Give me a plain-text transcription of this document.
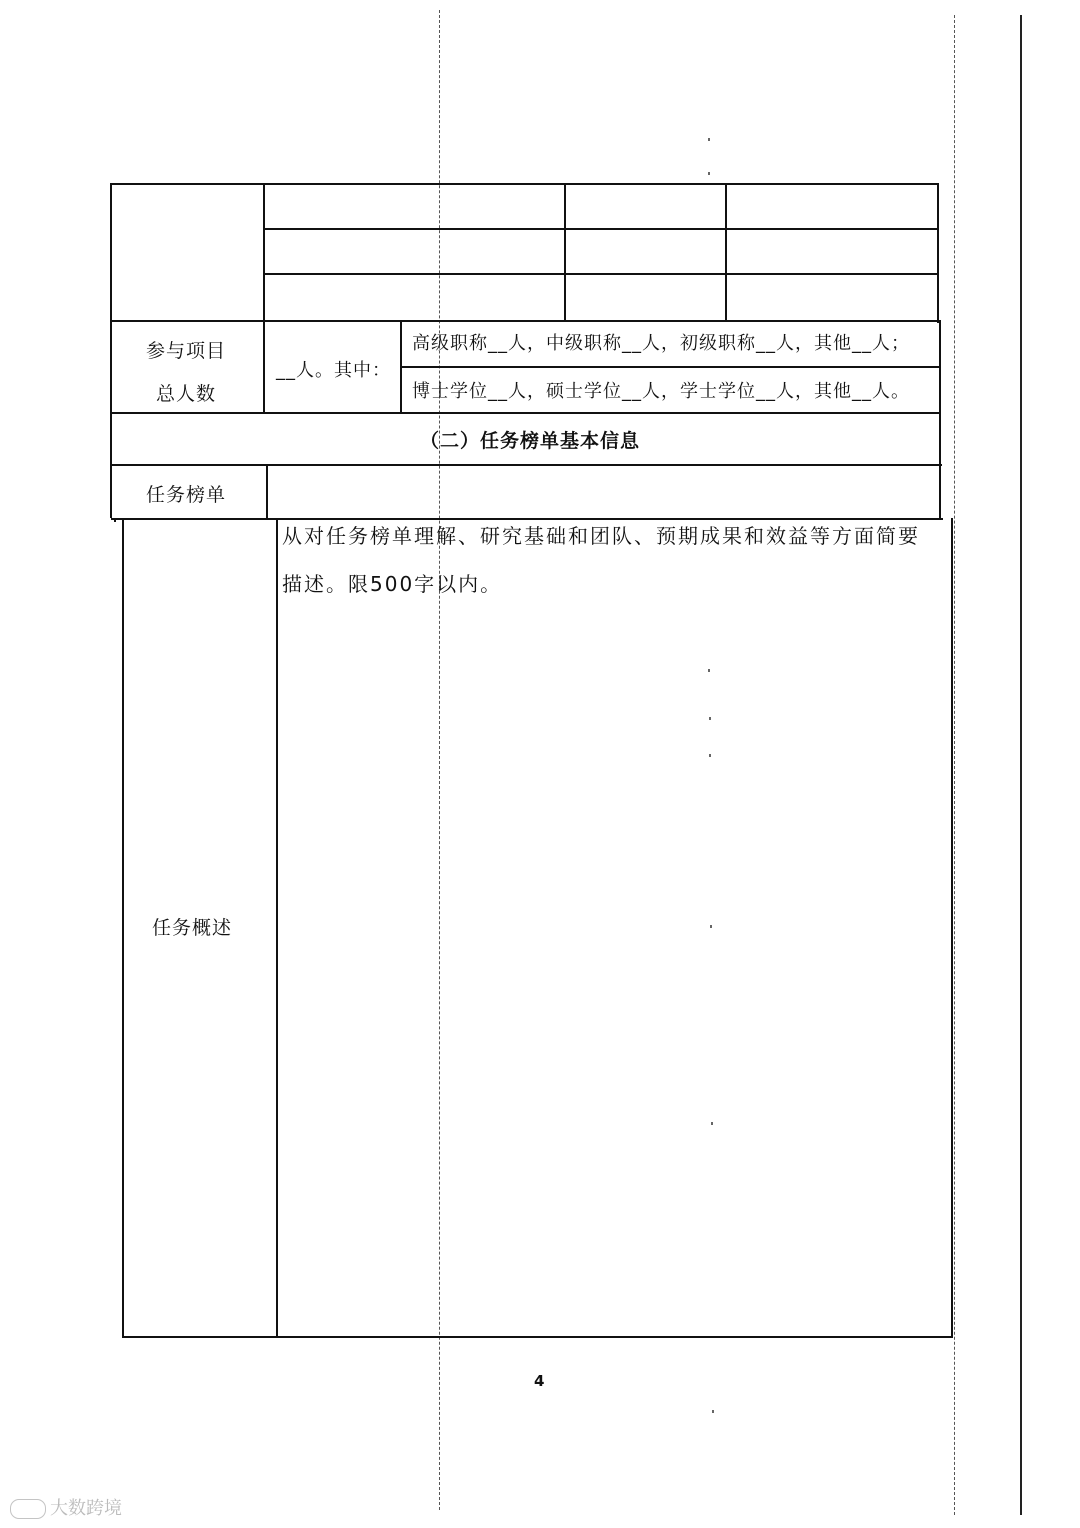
参与项目
总人数
__人。其中：
高级职称__人，中级职称__人，初级职称__人，其他__人；
博士学位__人，硕士学位__人，学士学位__人，其他__人。
（二）任务榜单基本信息
任务榜单
任务概述
从对任务榜单理解、研究基础和团队、预期成果和效益等方面简要描述。限500字以内。
4
大数跨境
